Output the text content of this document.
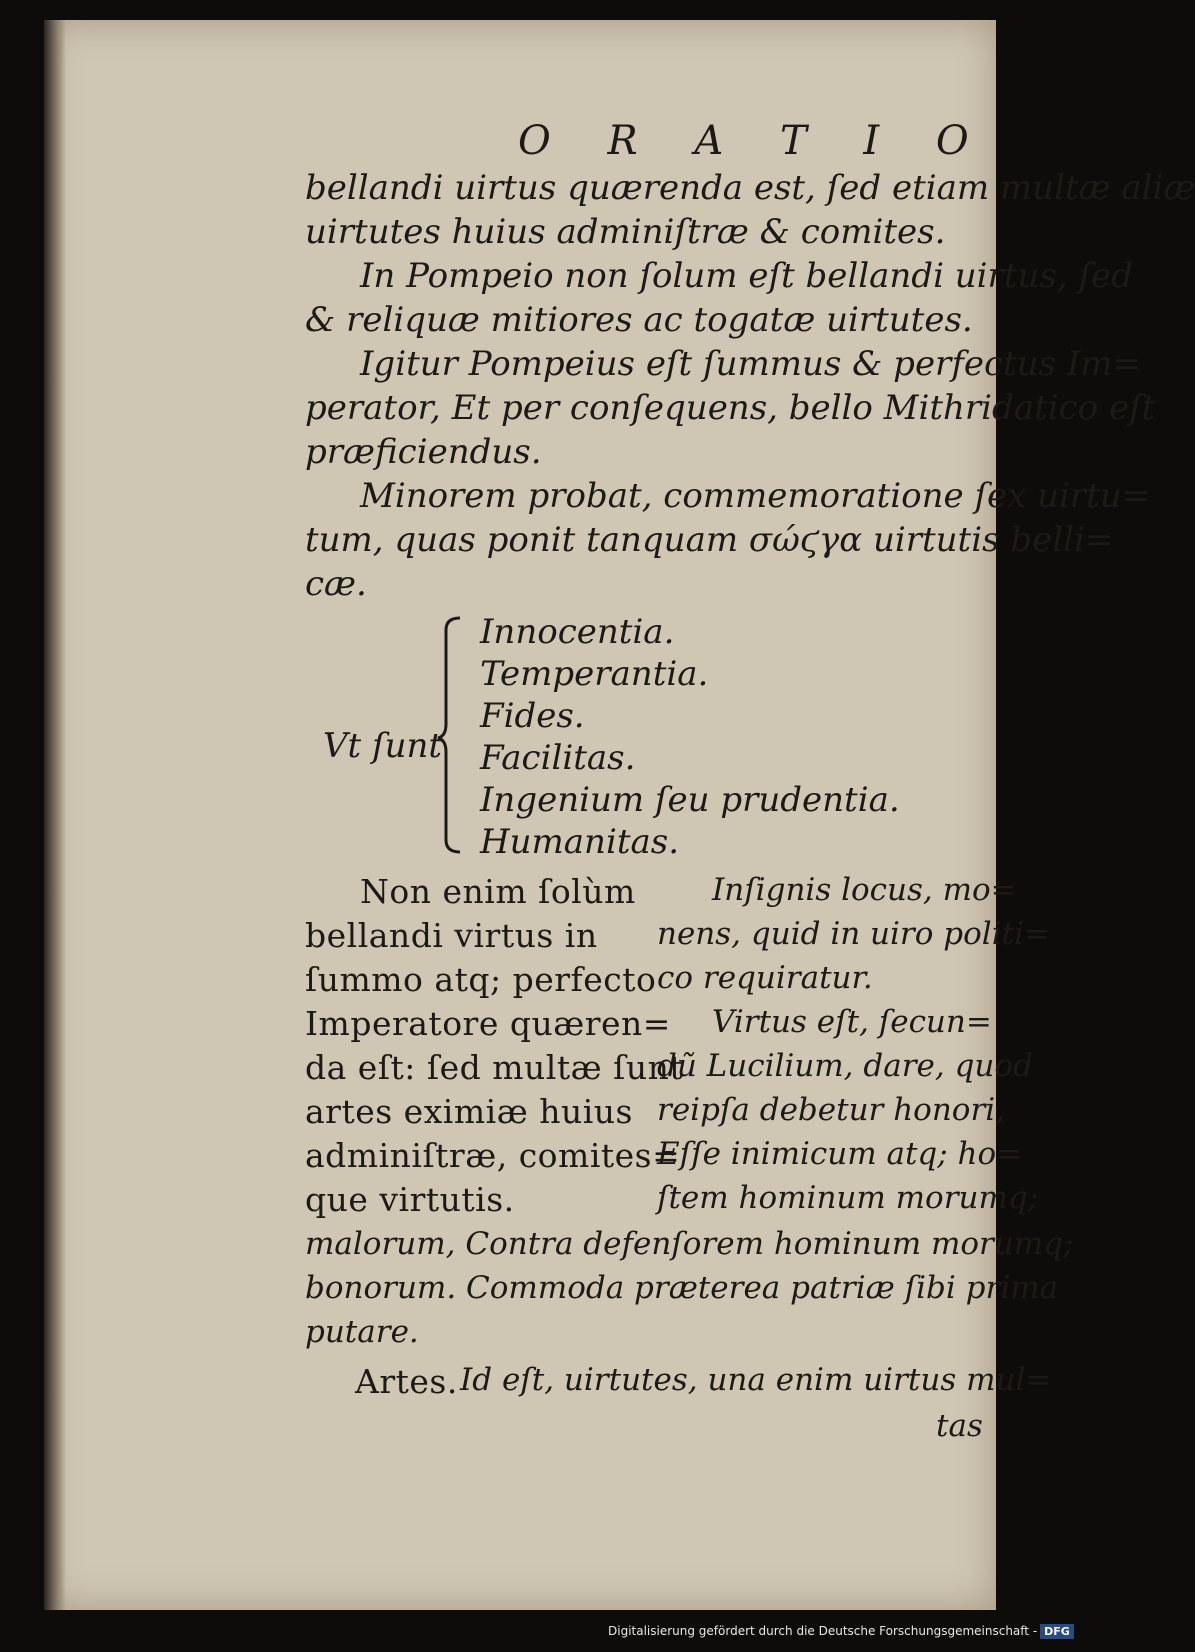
O R A T I O
bellandi uirtus quærenda est, ſed etiam multæ aliæ
uirtutes huius adminiſtræ & comites.
In Pompeio non ſolum eſt bellandi uirtus, ſed
& reliquæ mitiores ac togatæ uirtutes.
Igitur Pompeius eſt ſummus & perfectus Im=
perator, Et per conſequens, bello Mithridatico eſt
præficiendus.
Minorem probat, commemoratione ſex uirtu=
tum, quas ponit tanquam σώϛγα uirtutis belli=
cæ.
Vt ſunt
Innocentia.
Temperantia.
Fides.
Facilitas.
Ingenium ſeu prudentia.
Humanitas.
Non enim ſolùm
bellandi virtus in
ſummo atq; perfecto
Imperatore quæren=
da eſt: ſed multæ ſunt
artes eximiæ huius
adminiſtræ, comites=
que virtutis.
Inſignis locus, mo=
nens, quid in uiro politi=
co requiratur.
Virtus eſt, ſecun=
dũ Lucilium, dare, quod
reipſa debetur honori,
Eſſe inimicum atq; ho=
ſtem hominum morumq;
malorum, Contra defenſorem hominum morumq;
bonorum. Commoda præterea patriæ ſibi prima
putare.
Artes. Id eſt, uirtutes, una enim uirtus mul=
tas
Digitalisierung gefördert durch die Deutsche Forschungsgemeinschaft - DFG
